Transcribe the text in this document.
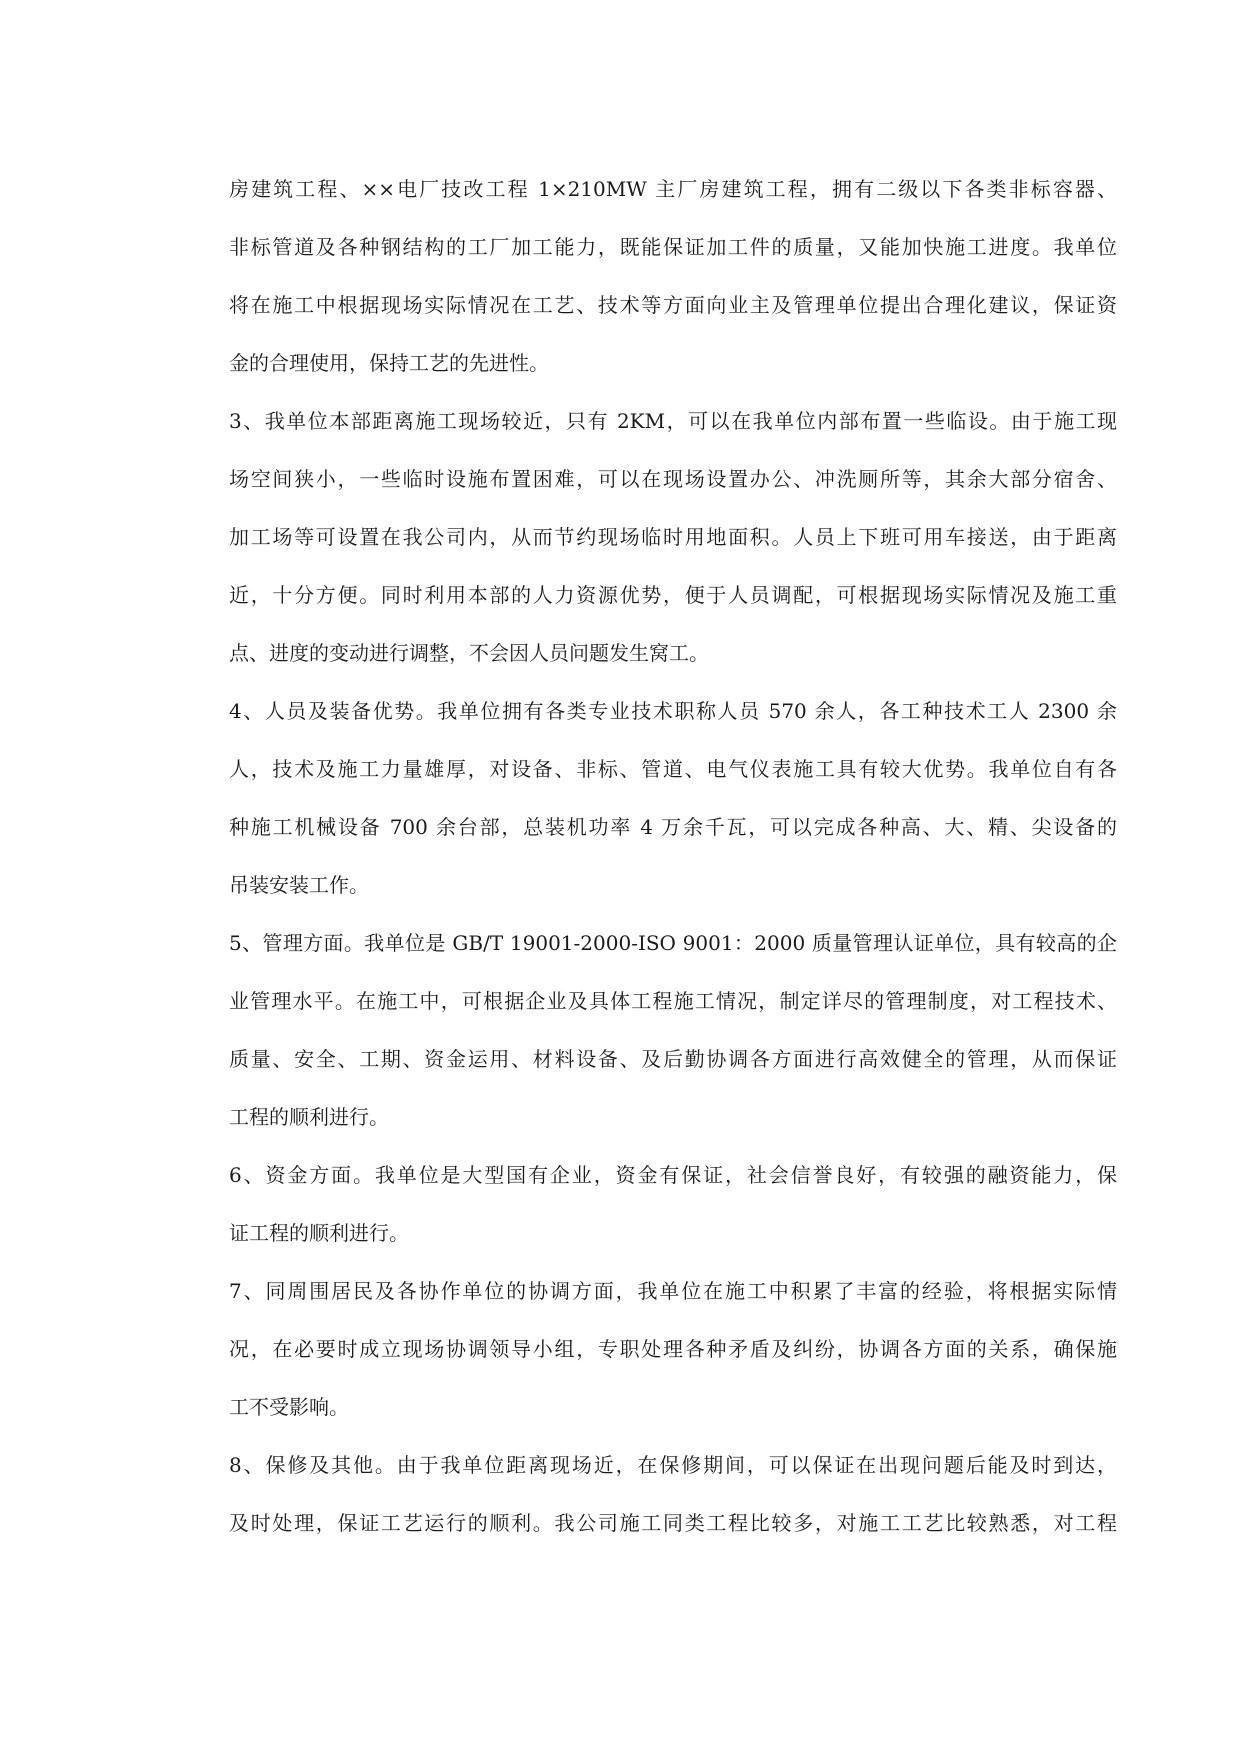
房建筑工程、××电厂技改工程 1×210MW 主厂房建筑工程，拥有二级以下各类非标容器、

非标管道及各种钢结构的工厂加工能力，既能保证加工件的质量，又能加快施工进度。我单位

将在施工中根据现场实际情况在工艺、技术等方面向业主及管理单位提出合理化建议，保证资

金的合理使用，保持工艺的先进性。

3、我单位本部距离施工现场较近，只有 2KM，可以在我单位内部布置一些临设。由于施工现

场空间狭小，一些临时设施布置困难，可以在现场设置办公、冲洗厕所等，其余大部分宿舍、

加工场等可设置在我公司内，从而节约现场临时用地面积。人员上下班可用车接送，由于距离

近，十分方便。同时利用本部的人力资源优势，便于人员调配，可根据现场实际情况及施工重

点、进度的变动进行调整，不会因人员问题发生窝工。

4、人员及装备优势。我单位拥有各类专业技术职称人员 570 余人，各工种技术工人 2300 余

人，技术及施工力量雄厚，对设备、非标、管道、电气仪表施工具有较大优势。我单位自有各

种施工机械设备 700 余台部，总装机功率 4 万余千瓦，可以完成各种高、大、精、尖设备的

吊装安装工作。

5、管理方面。我单位是 GB/T 19001-2000-ISO 9001：2000 质量管理认证单位，具有较高的企

业管理水平。在施工中，可根据企业及具体工程施工情况，制定详尽的管理制度，对工程技术、

质量、安全、工期、资金运用、材料设备、及后勤协调各方面进行高效健全的管理，从而保证

工程的顺利进行。

6、资金方面。我单位是大型国有企业，资金有保证，社会信誉良好，有较强的融资能力，保

证工程的顺利进行。

7、同周围居民及各协作单位的协调方面，我单位在施工中积累了丰富的经验，将根据实际情

况，在必要时成立现场协调领导小组，专职处理各种矛盾及纠纷，协调各方面的关系，确保施

工不受影响。

8、保修及其他。由于我单位距离现场近，在保修期间，可以保证在出现问题后能及时到达，

及时处理，保证工艺运行的顺利。我公司施工同类工程比较多，对施工工艺比较熟悉，对工程
